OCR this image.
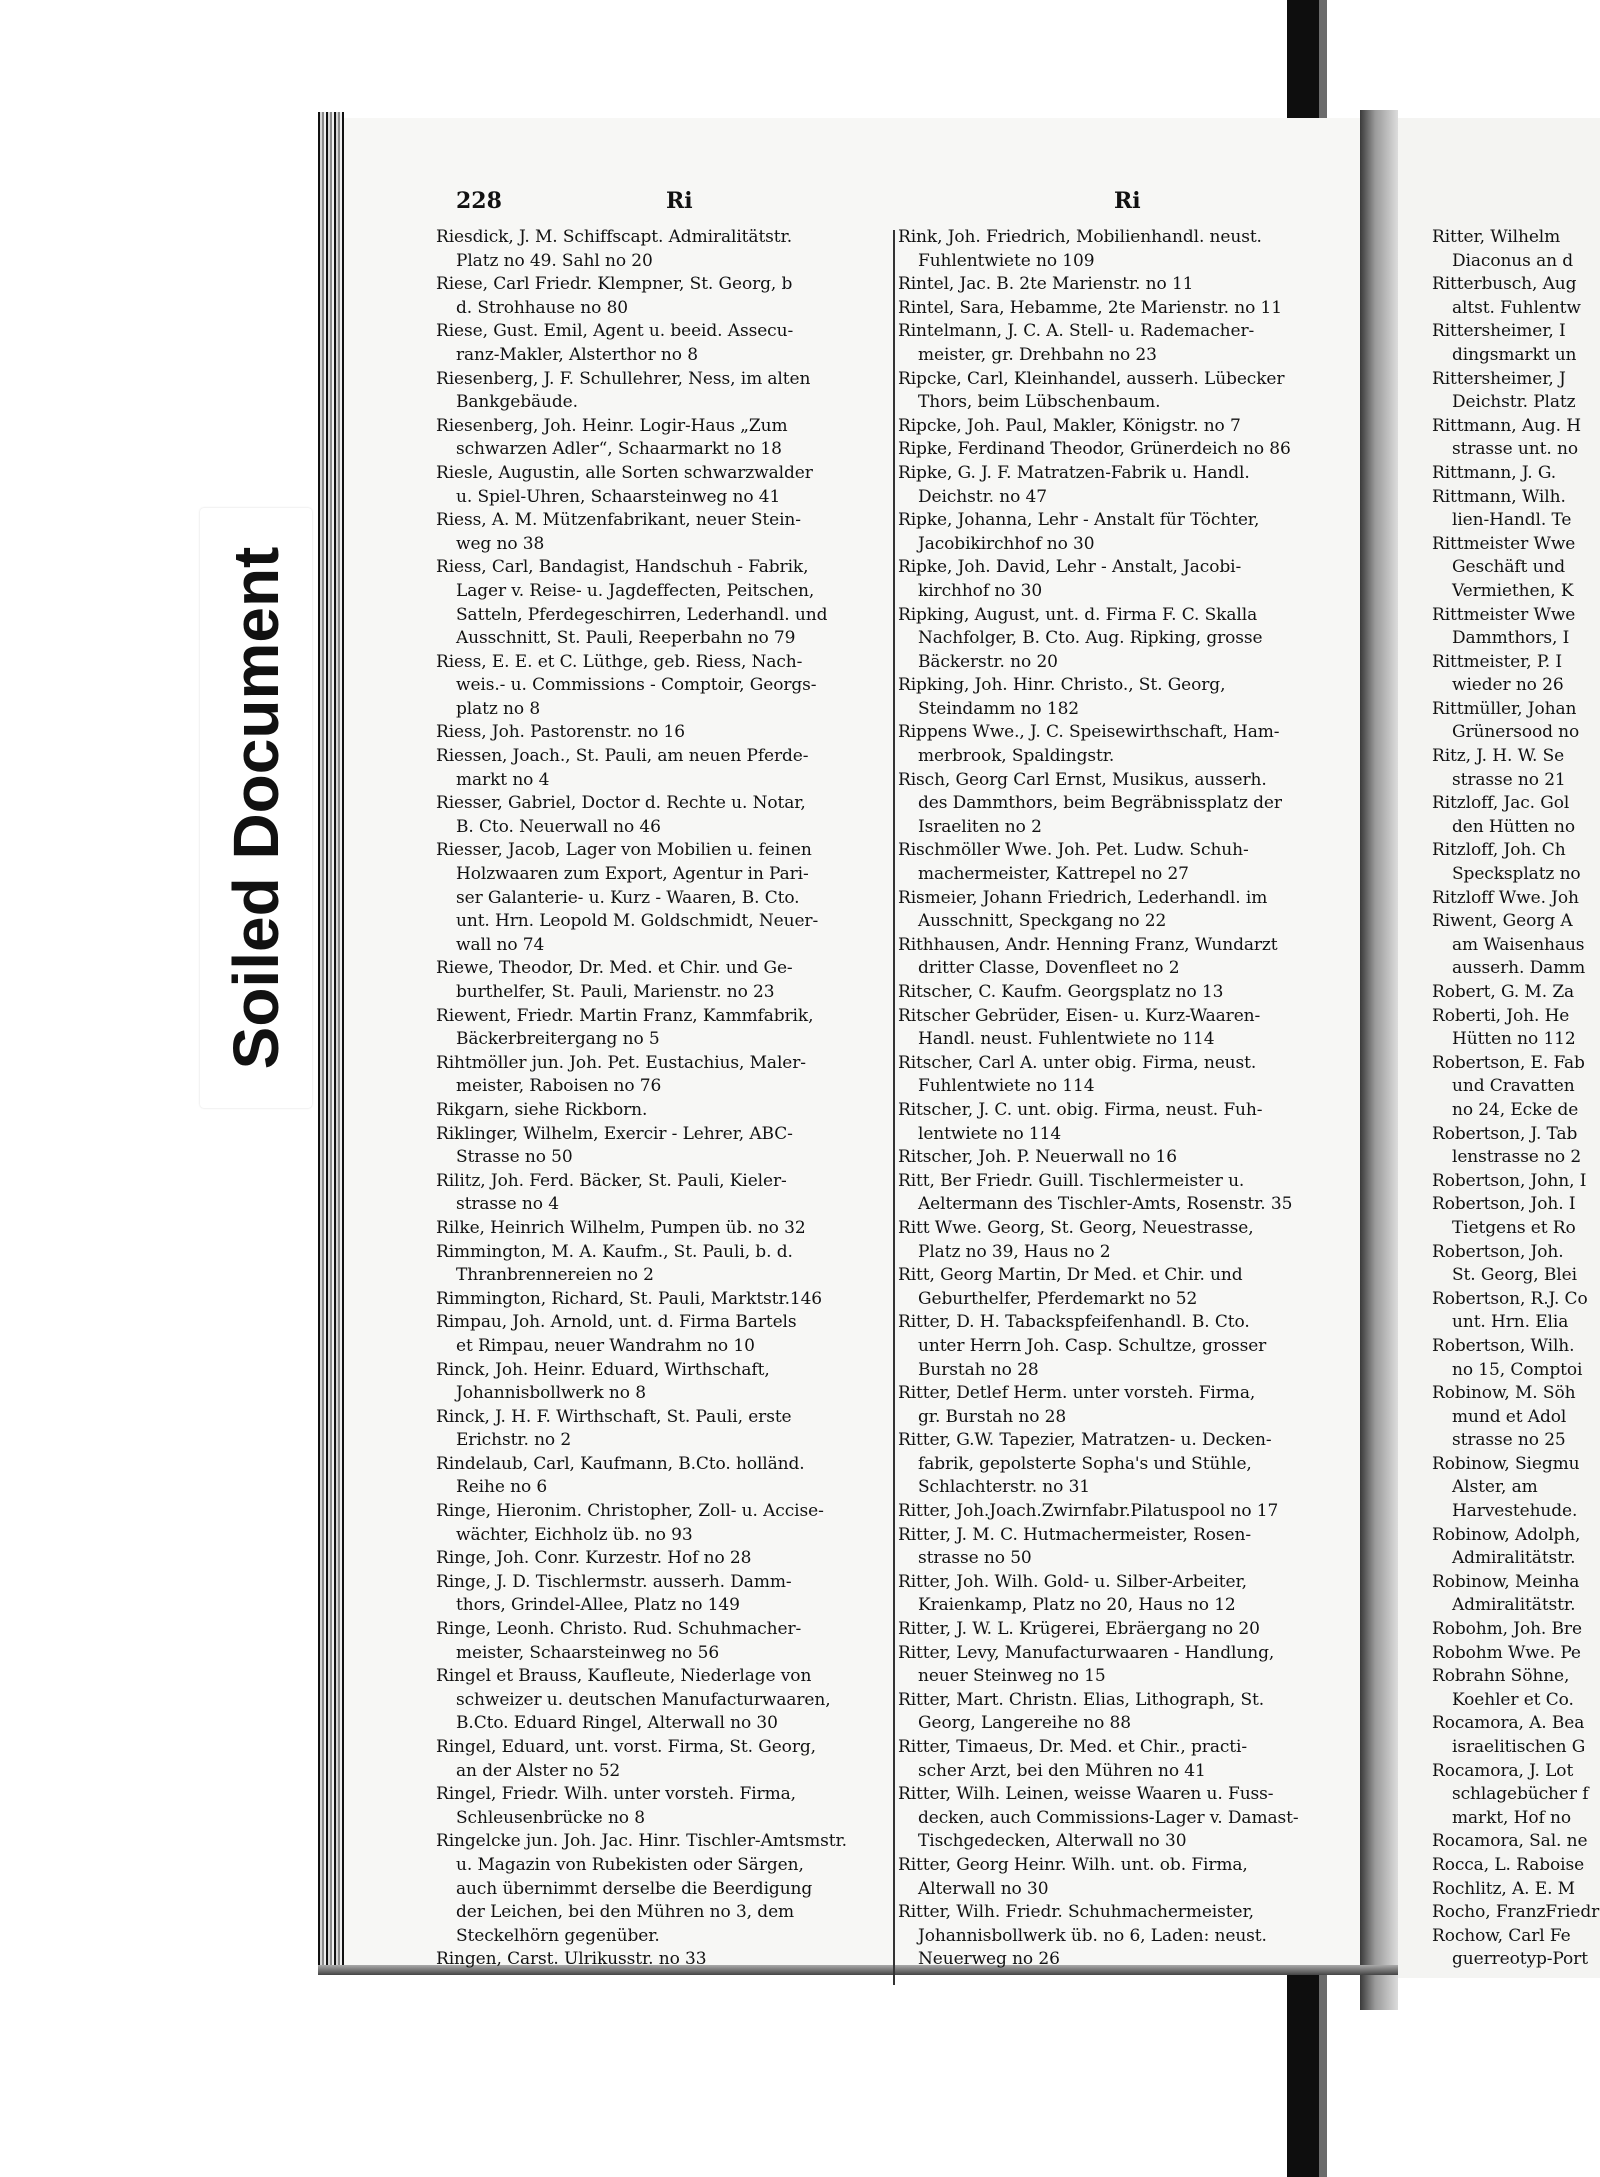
228	Ri	Ri
Riesdick, J. M. Schiffscapt. Admiralitätstr.
Platz no 49. Sahl no 20
Riese, Carl Friedr. Klempner, St. Georg, b
d. Strohhause no 80
Riese, Gust. Emil, Agent u. beeid. Assecu-
ranz-Makler, Alsterthor no 8
Riesenberg, J. F. Schullehrer, Ness, im alten
Bankgebäude.
Riesenberg, Joh. Heinr. Logir-Haus „Zum
schwarzen Adler“, Schaarmarkt no 18
Riesle, Augustin, alle Sorten schwarzwalder
u. Spiel-Uhren, Schaarsteinweg no 41
Riess, A. M. Mützenfabrikant, neuer Stein-
weg no 38
Riess, Carl, Bandagist, Handschuh - Fabrik,
Lager v. Reise- u. Jagdeffecten, Peitschen,
Satteln, Pferdegeschirren, Lederhandl. und
Ausschnitt, St. Pauli, Reeperbahn no 79
Riess, E. E. et C. Lüthge, geb. Riess, Nach-
weis.- u. Commissions - Comptoir, Georgs-
platz no 8
Riess, Joh. Pastorenstr. no 16
Riessen, Joach., St. Pauli, am neuen Pferde-
markt no 4
Riesser, Gabriel, Doctor d. Rechte u. Notar,
B. Cto. Neuerwall no 46
Riesser, Jacob, Lager von Mobilien u. feinen
Holzwaaren zum Export, Agentur in Pari-
ser Galanterie- u. Kurz - Waaren, B. Cto.
unt. Hrn. Leopold M. Goldschmidt, Neuer-
wall no 74
Riewe, Theodor, Dr. Med. et Chir. und Ge-
burthelfer, St. Pauli, Marienstr. no 23
Riewent, Friedr. Martin Franz, Kammfabrik,
Bäckerbreitergang no 5
Rihtmöller jun. Joh. Pet. Eustachius, Maler-
meister, Raboisen no 76
Rikgarn, siehe Rickborn.
Riklinger, Wilhelm, Exercir - Lehrer, ABC-
Strasse no 50
Rilitz, Joh. Ferd. Bäcker, St. Pauli, Kieler-
strasse no 4
Rilke, Heinrich Wilhelm, Pumpen üb. no 32
Rimmington, M. A. Kaufm., St. Pauli, b. d.
Thranbrennereien no 2
Rimmington, Richard, St. Pauli, Marktstr.146
Rimpau, Joh. Arnold, unt. d. Firma Bartels
et Rimpau, neuer Wandrahm no 10
Rinck, Joh. Heinr. Eduard, Wirthschaft,
Johannisbollwerk no 8
Rinck, J. H. F. Wirthschaft, St. Pauli, erste
Erichstr. no 2
Rindelaub, Carl, Kaufmann, B.Cto. holländ.
Reihe no 6
Ringe, Hieronim. Christopher, Zoll- u. Accise-
wächter, Eichholz üb. no 93
Ringe, Joh. Conr. Kurzestr. Hof no 28
Ringe, J. D. Tischlermstr. ausserh. Damm-
thors, Grindel-Allee, Platz no 149
Ringe, Leonh. Christo. Rud. Schuhmacher-
meister, Schaarsteinweg no 56
Ringel et Brauss, Kaufleute, Niederlage von
schweizer u. deutschen Manufacturwaaren,
B.Cto. Eduard Ringel, Alterwall no 30
Ringel, Eduard, unt. vorst. Firma, St. Georg,
an der Alster no 52
Ringel, Friedr. Wilh. unter vorsteh. Firma,
Schleusenbrücke no 8
Ringelcke jun. Joh. Jac. Hinr. Tischler-Amtsmstr.
u. Magazin von Rubekisten oder Särgen,
auch übernimmt derselbe die Beerdigung
der Leichen, bei den Mühren no 3, dem
Steckelhörn gegenüber.
Ringen, Carst. Ulrikusstr. no 33
Rink, Joh. Friedrich, Mobilienhandl. neust.
Fuhlentwiete no 109
Rintel, Jac. B. 2te Marienstr. no 11
Rintel, Sara, Hebamme, 2te Marienstr. no 11
Rintelmann, J. C. A. Stell- u. Rademacher-
meister, gr. Drehbahn no 23
Ripcke, Carl, Kleinhandel, ausserh. Lübecker
Thors, beim Lübschenbaum.
Ripcke, Joh. Paul, Makler, Königstr. no 7
Ripke, Ferdinand Theodor, Grünerdeich no 86
Ripke, G. J. F. Matratzen-Fabrik u. Handl.
Deichstr. no 47
Ripke, Johanna, Lehr - Anstalt für Töchter,
Jacobikirchhof no 30
Ripke, Joh. David, Lehr - Anstalt, Jacobi-
kirchhof no 30
Ripking, August, unt. d. Firma F. C. Skalla
Nachfolger, B. Cto. Aug. Ripking, grosse
Bäckerstr. no 20
Ripking, Joh. Hinr. Christo., St. Georg,
Steindamm no 182
Rippens Wwe., J. C. Speisewirthschaft, Ham-
merbrook, Spaldingstr.
Risch, Georg Carl Ernst, Musikus, ausserh.
des Dammthors, beim Begräbnissplatz der
Israeliten no 2
Rischmöller Wwe. Joh. Pet. Ludw. Schuh-
machermeister, Kattrepel no 27
Rismeier, Johann Friedrich, Lederhandl. im
Ausschnitt, Speckgang no 22
Rithhausen, Andr. Henning Franz, Wundarzt
dritter Classe, Dovenfleet no 2
Ritscher, C. Kaufm. Georgsplatz no 13
Ritscher Gebrüder, Eisen- u. Kurz-Waaren-
Handl. neust. Fuhlentwiete no 114
Ritscher, Carl A. unter obig. Firma, neust.
Fuhlentwiete no 114
Ritscher, J. C. unt. obig. Firma, neust. Fuh-
lentwiete no 114
Ritscher, Joh. P. Neuerwall no 16
Ritt, Ber Friedr. Guill. Tischlermeister u.
Aeltermann des Tischler-Amts, Rosenstr. 35
Ritt Wwe. Georg, St. Georg, Neuestrasse,
Platz no 39, Haus no 2
Ritt, Georg Martin, Dr Med. et Chir. und
Geburthelfer, Pferdemarkt no 52
Ritter, D. H. Tabackspfeifenhandl. B. Cto.
unter Herrn Joh. Casp. Schultze, grosser
Burstah no 28
Ritter, Detlef Herm. unter vorsteh. Firma,
gr. Burstah no 28
Ritter, G.W. Tapezier, Matratzen- u. Decken-
fabrik, gepolsterte Sopha's und Stühle,
Schlachterstr. no 31
Ritter, Joh.Joach.Zwirnfabr.Pilatuspool no 17
Ritter, J. M. C. Hutmachermeister, Rosen-
strasse no 50
Ritter, Joh. Wilh. Gold- u. Silber-Arbeiter,
Kraienkamp, Platz no 20, Haus no 12
Ritter, J. W. L. Krügerei, Ebräergang no 20
Ritter, Levy, Manufacturwaaren - Handlung,
neuer Steinweg no 15
Ritter, Mart. Christn. Elias, Lithograph, St.
Georg, Langereihe no 88
Ritter, Timaeus, Dr. Med. et Chir., practi-
scher Arzt, bei den Mühren no 41
Ritter, Wilh. Leinen, weisse Waaren u. Fuss-
decken, auch Commissions-Lager v. Damast-
Tischgedecken, Alterwall no 30
Ritter, Georg Heinr. Wilh. unt. ob. Firma,
Alterwall no 30
Ritter, Wilh. Friedr. Schuhmachermeister,
Johannisbollwerk üb. no 6, Laden: neust.
Neuerweg no 26
Ritter, Wilhelm
Diaconus an d
Ritterbusch, Aug
altst. Fuhlentw
Rittersheimer, I
dingsmarkt un
Rittersheimer, J
Deichstr. Platz
Rittmann, Aug. H
strasse unt. no
Rittmann, J. G.
Rittmann, Wilh.
lien-Handl. Te
Rittmeister Wwe
Geschäft und
Vermiethen, K
Rittmeister Wwe
Dammthors, I
Rittmeister, P. I
wieder no 26
Rittmüller, Johan
Grünersood no
Ritz, J. H. W. Se
strasse no 21
Ritzloff, Jac. Gol
den Hütten no
Ritzloff, Joh. Ch
Specksplatz no
Ritzloff Wwe. Joh
Riwent, Georg A
am Waisenhaus
ausserh. Damm
Robert, G. M. Za
Roberti, Joh. He
Hütten no 112
Robertson, E. Fab
und Cravatten
no 24, Ecke de
Robertson, J. Tab
lenstrasse no 2
Robertson, John, I
Robertson, Joh. I
Tietgens et Ro
Robertson, Joh.
St. Georg, Blei
Robertson, R.J. Co
unt. Hrn. Elia
Robertson, Wilh.
no 15, Comptoi
Robinow, M. Söh
mund et Adol
strasse no 25
Robinow, Siegmu
Alster, am
Harvestehude.
Robinow, Adolph,
Admiralitätstr.
Robinow, Meinha
Admiralitätstr.
Robohm, Joh. Bre
Robohm Wwe. Pe
Robrahn Söhne,
Koehler et Co.
Rocamora, A. Bea
israelitischen G
Rocamora, J. Lot
schlagebücher f
markt, Hof no
Rocamora, Sal. ne
Rocca, L. Raboise
Rochlitz, A. E. M
Rocho, FranzFriedr
Rochow, Carl Fe
guerreotyp-Port
Soiled Document
